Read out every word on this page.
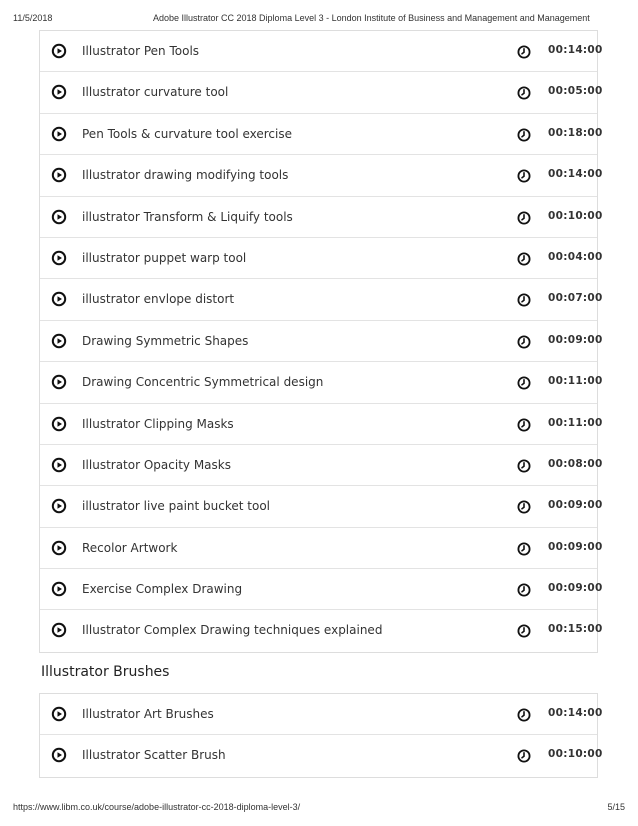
11/5/2018	Adobe Illustrator CC 2018 Diploma Level 3 - London Institute of Business and Management and Management
Illustrator Pen Tools	00:14:00
Illustrator curvature tool	00:05:00
Pen Tools & curvature tool exercise	00:18:00
Illustrator drawing modifying tools	00:14:00
illustrator Transform & Liquify tools	00:10:00
illustrator puppet warp tool	00:04:00
illustrator envlope distort	00:07:00
Drawing Symmetric Shapes	00:09:00
Drawing Concentric Symmetrical design	00:11:00
Illustrator Clipping Masks	00:11:00
Illustrator Opacity Masks	00:08:00
illustrator live paint bucket tool	00:09:00
Recolor Artwork	00:09:00
Exercise Complex Drawing	00:09:00
Illustrator Complex Drawing techniques explained	00:15:00
Illustrator Brushes
Illustrator Art Brushes	00:14:00
Illustrator Scatter Brush	00:10:00
https://www.libm.co.uk/course/adobe-illustrator-cc-2018-diploma-level-3/	5/15
